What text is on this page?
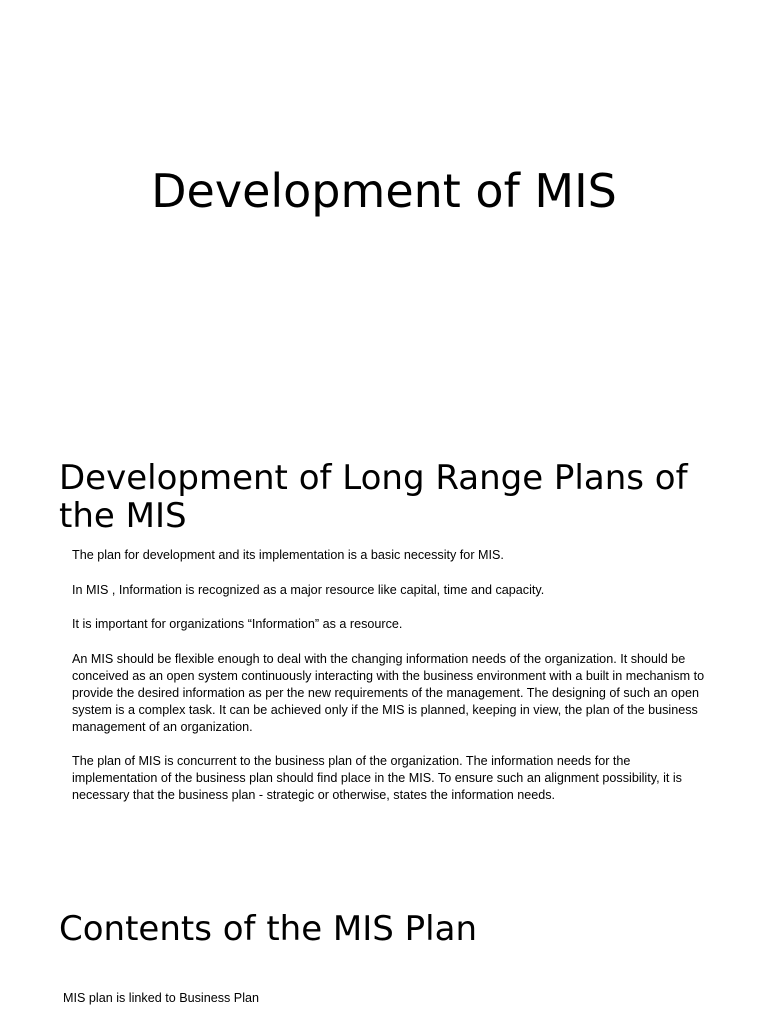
Development of MIS
Development of Long Range Plans of the MIS

The plan for development and its implementation is a basic necessity for MIS.

In MIS , Information is recognized as a major resource like capital, time and capacity.

It is important for organizations “Information” as a resource.

An MIS should be flexible enough to deal with the changing information needs of the organization. It should be conceived as an open system continuously interacting with the business environment with a built in mechanism to provide the desired information as per the new requirements of the management. The designing of such an open system is a complex task. It can be achieved only if the MIS is planned, keeping in view, the plan of the business management of an organization.

The plan of MIS is concurrent to the business plan of the organization. The information needs for the implementation of the business plan should find place in the MIS. To ensure such an alignment possibility, it is necessary that the business plan - strategic or otherwise, states the information needs.

Contents of the MIS Plan

MIS plan is linked to Business Plan
